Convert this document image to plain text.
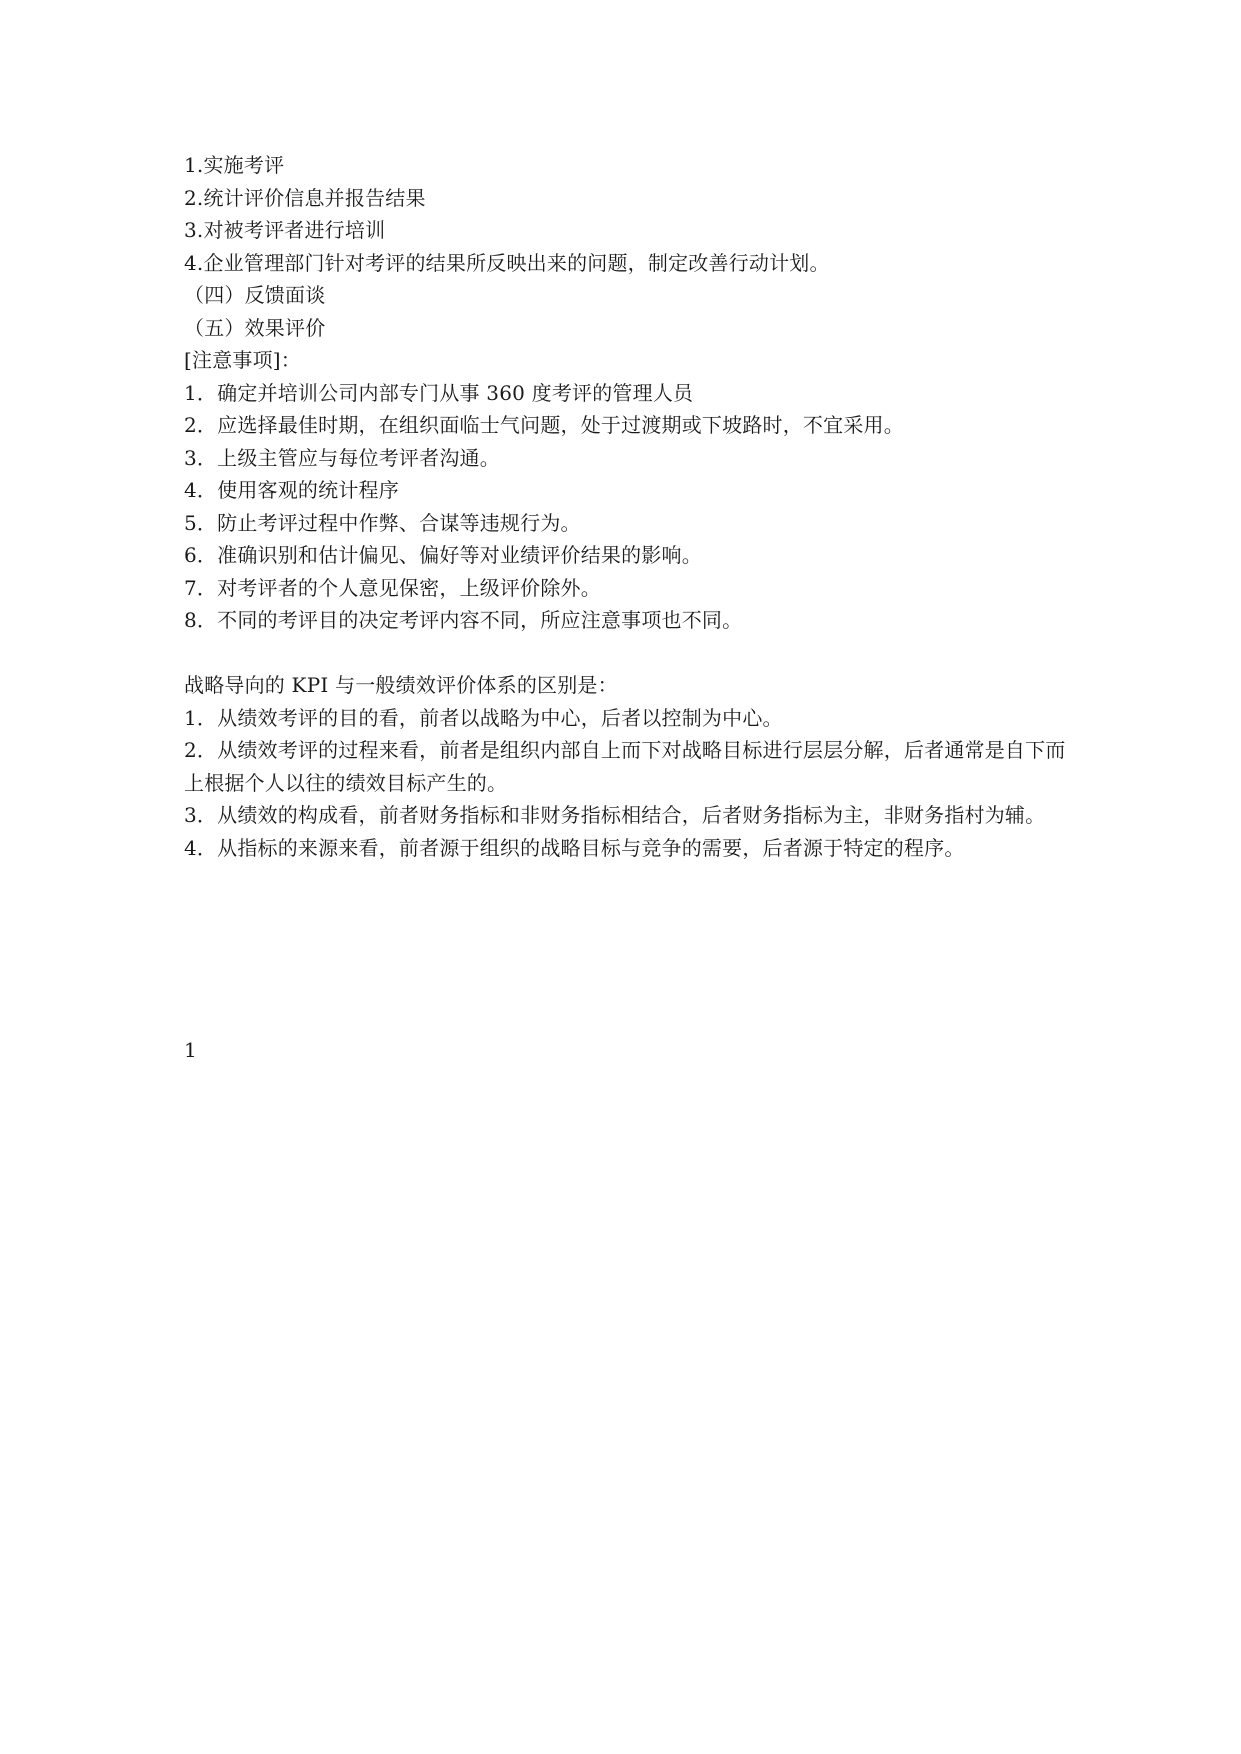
1.实施考评
2.统计评价信息并报告结果
3.对被考评者进行培训
4.企业管理部门针对考评的结果所反映出来的问题，制定改善行动计划。
（四）反馈面谈
（五）效果评价
[注意事项]：
1．确定并培训公司内部专门从事 360 度考评的管理人员
2．应选择最佳时期，在组织面临士气问题，处于过渡期或下坡路时，不宜采用。
3．上级主管应与每位考评者沟通。
4．使用客观的统计程序
5．防止考评过程中作弊、合谋等违规行为。
6．准确识别和估计偏见、偏好等对业绩评价结果的影响。
7．对考评者的个人意见保密，上级评价除外。
8．不同的考评目的决定考评内容不同，所应注意事项也不同。
战略导向的 KPI 与一般绩效评价体系的区别是：
1．从绩效考评的目的看，前者以战略为中心，后者以控制为中心。
2．从绩效考评的过程来看，前者是组织内部自上而下对战略目标进行层层分解，后者通常是自下而上根据个人以往的绩效目标产生的。
3．从绩效的构成看，前者财务指标和非财务指标相结合，后者财务指标为主，非财务指村为辅。
4．从指标的来源来看，前者源于组织的战略目标与竞争的需要，后者源于特定的程序。
1
